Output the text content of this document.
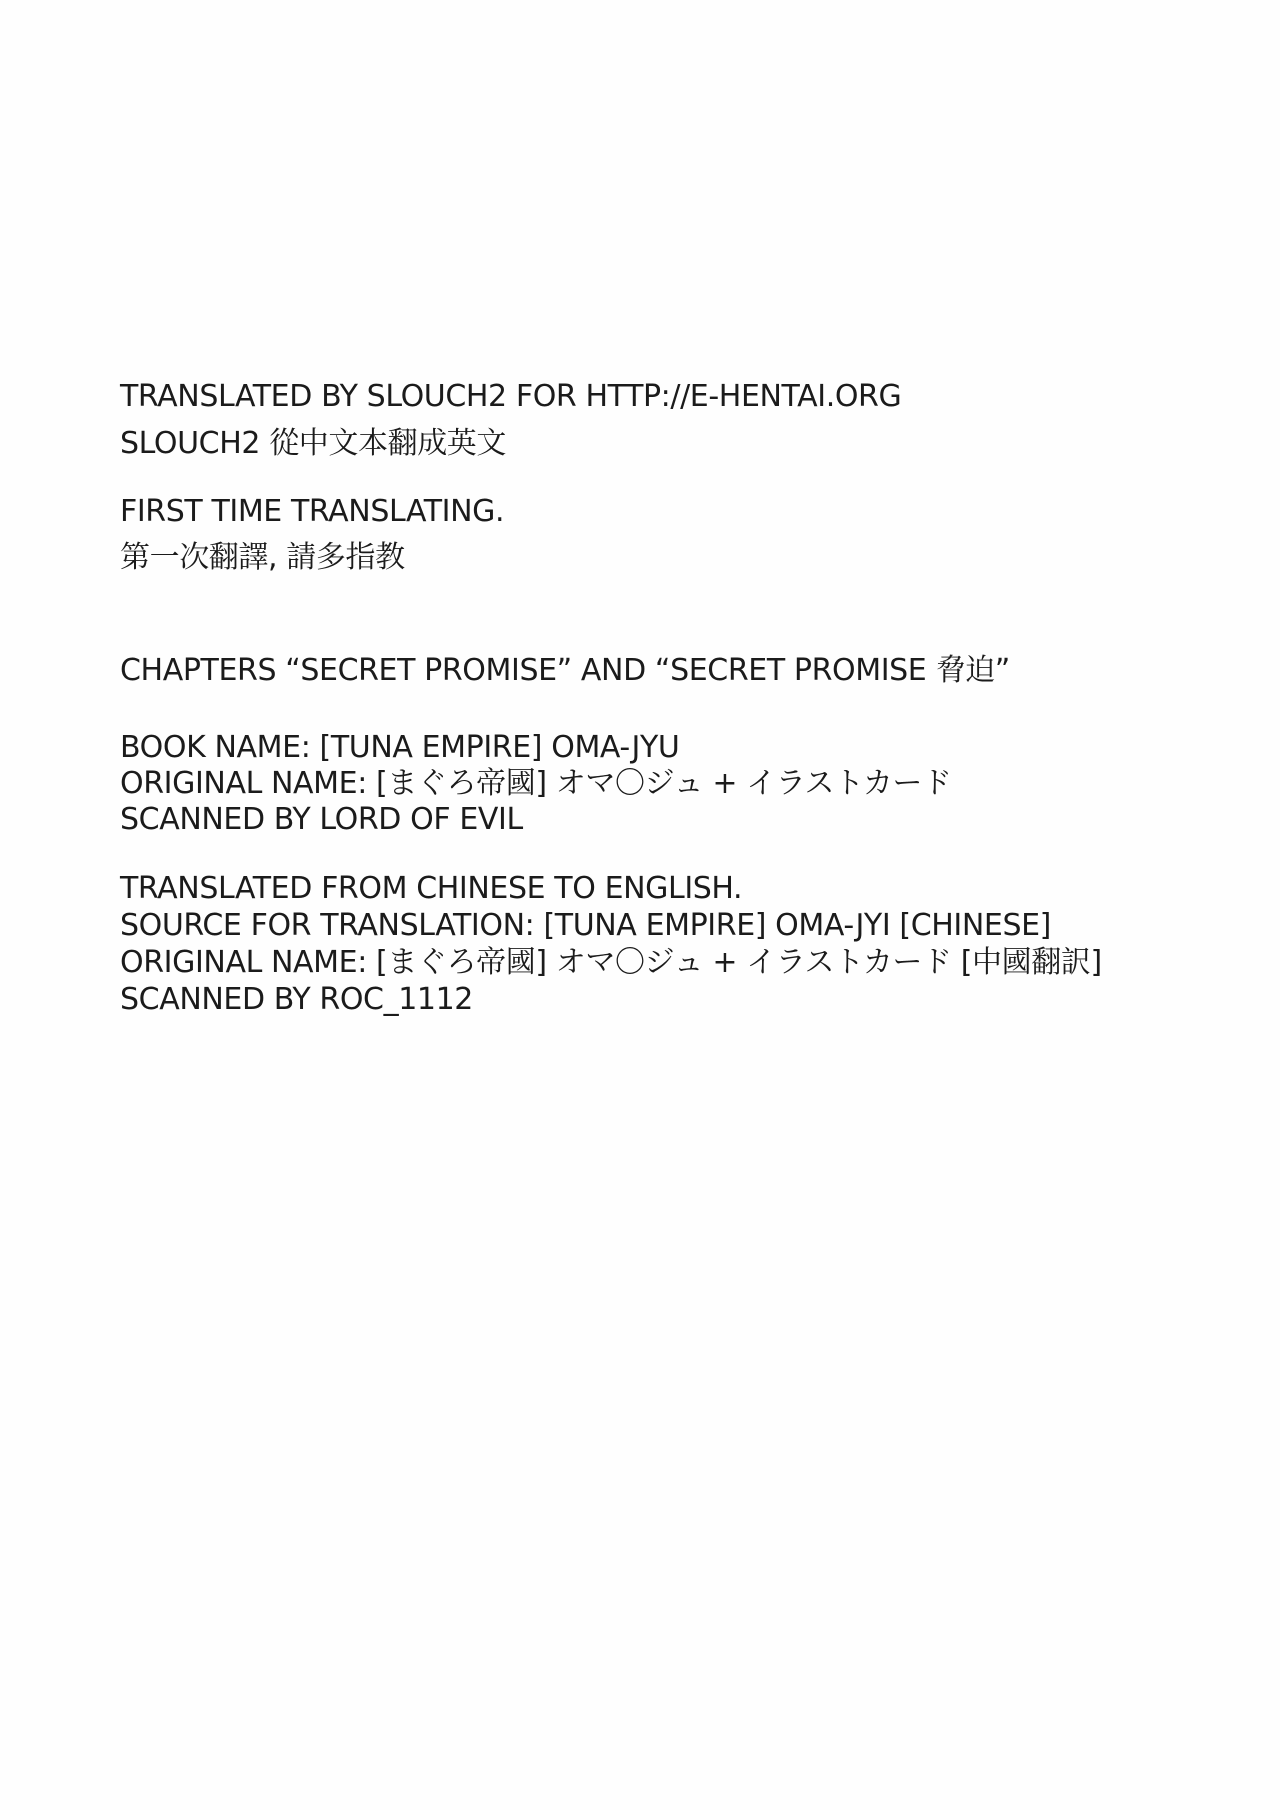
TRANSLATED BY SLOUCH2 FOR HTTP://E-HENTAI.ORG
SLOUCH2 從中文本翻成英文
FIRST TIME TRANSLATING.
第一次翻譯, 請多指教
CHAPTERS “SECRET PROMISE” AND “SECRET PROMISE 脅迫”
BOOK NAME: [TUNA EMPIRE] OMA-JYU
ORIGINAL NAME: [まぐろ帝國] オマ〇ジュ + イラストカード
SCANNED BY LORD OF EVIL
TRANSLATED FROM CHINESE TO ENGLISH.
SOURCE FOR TRANSLATION: [TUNA EMPIRE] OMA-JYI [CHINESE]
ORIGINAL NAME: [まぐろ帝國] オマ〇ジュ + イラストカード [中國翻訳]
SCANNED BY ROC_1112
